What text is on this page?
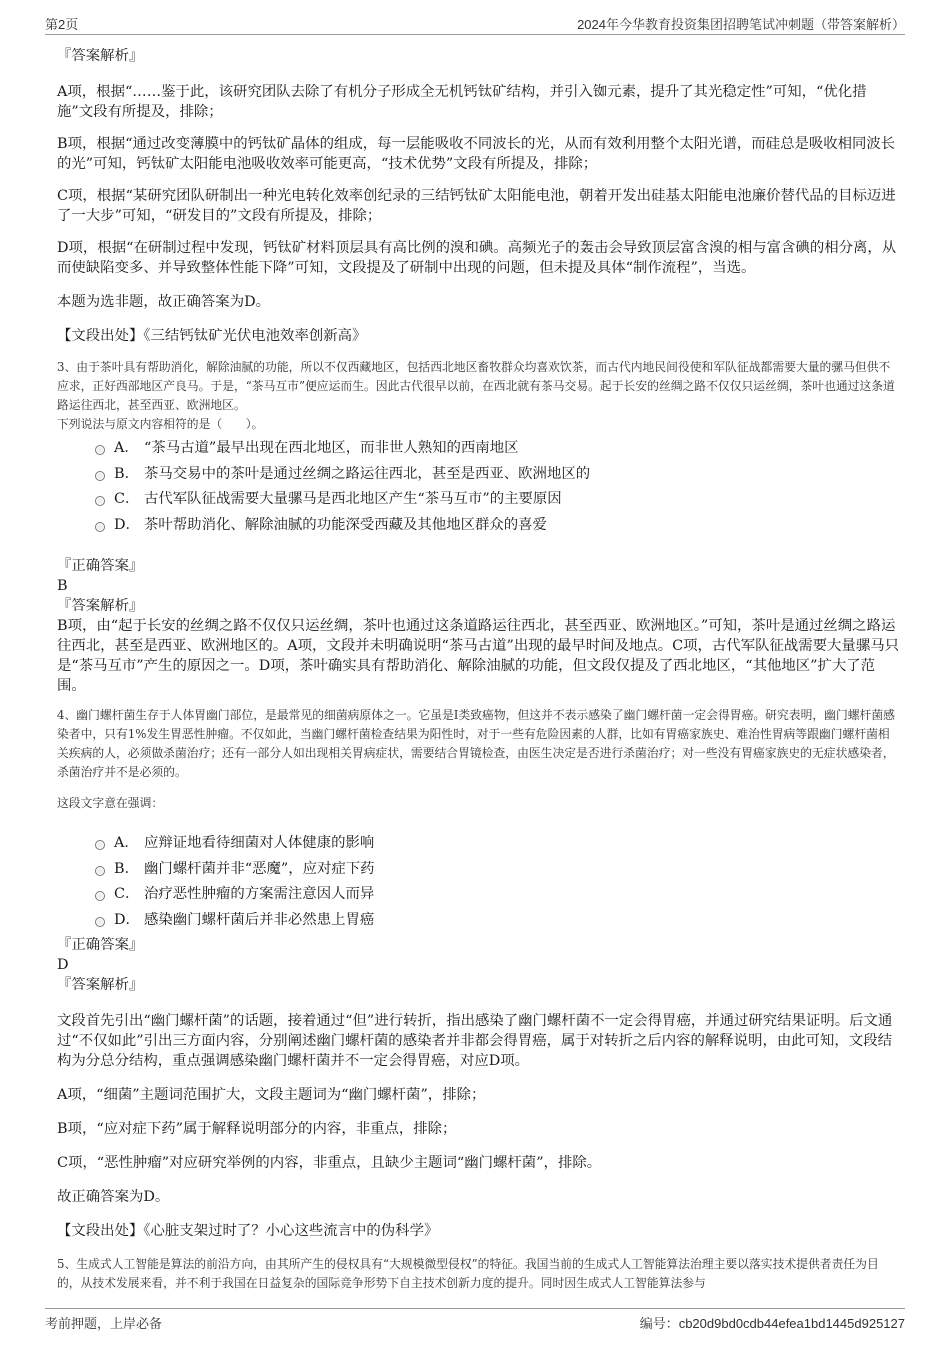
第2页	2024年今华教育投资集团招聘笔试冲刺题（带答案解析）

『答案解析』

A项，根据“……鉴于此，该研究团队去除了有机分子形成全无机钙钛矿结构，并引入铷元素，提升了其光稳定性”可知，“优化措施”文段有所提及，排除；

B项，根据“通过改变薄膜中的钙钛矿晶体的组成，每一层能吸收不同波长的光，从而有效利用整个太阳光谱，而硅总是吸收相同波长的光”可知，钙钛矿太阳能电池吸收效率可能更高，“技术优势”文段有所提及，排除；

C项，根据“某研究团队研制出一种光电转化效率创纪录的三结钙钛矿太阳能电池，朝着开发出硅基太阳能电池廉价替代品的目标迈进了一大步”可知，“研发目的”文段有所提及，排除；

D项，根据“在研制过程中发现，钙钛矿材料顶层具有高比例的溴和碘。高频光子的轰击会导致顶层富含溴的相与富含碘的相分离，从而使缺陷变多、并导致整体性能下降”可知，文段提及了研制中出现的问题，但未提及具体“制作流程”，当选。

本题为选非题，故正确答案为D。

【文段出处】《三结钙钛矿光伏电池效率创新高》

3、由于茶叶具有帮助消化，解除油腻的功能，所以不仅西藏地区，包括西北地区畜牧群众均喜欢饮茶，而古代内地民间役使和军队征战都需要大量的骡马但供不应求，正好西部地区产良马。于是，“茶马互市”便应运而生。因此古代很早以前，在西北就有茶马交易。起于长安的丝绸之路不仅仅只运丝绸，茶叶也通过这条道路运往西北，甚至西亚、欧洲地区。

下列说法与原文内容相符的是（　　）。

A． “茶马古道”最早出现在西北地区，而非世人熟知的西南地区
B． 茶马交易中的茶叶是通过丝绸之路运往西北，甚至是西亚、欧洲地区的
C． 古代军队征战需要大量骡马是西北地区产生“茶马互市”的主要原因
D． 茶叶帮助消化、解除油腻的功能深受西藏及其他地区群众的喜爱

『正确答案』

B

『答案解析』

B项，由“起于长安的丝绸之路不仅仅只运丝绸，茶叶也通过这条道路运往西北，甚至西亚、欧洲地区。”可知，茶叶是通过丝绸之路运往西北，甚至是西亚、欧洲地区的。A项，文段并未明确说明“茶马古道”出现的最早时间及地点。C项，古代军队征战需要大量骡马只是“茶马互市”产生的原因之一。D项，茶叶确实具有帮助消化、解除油腻的功能，但文段仅提及了西北地区，“其他地区”扩大了范围。

4、幽门螺杆菌生存于人体胃幽门部位，是最常见的细菌病原体之一。它虽是I类致癌物，但这并不表示感染了幽门螺杆菌一定会得胃癌。研究表明，幽门螺杆菌感染者中，只有1%发生胃恶性肿瘤。不仅如此，当幽门螺杆菌检查结果为阳性时，对于一些有危险因素的人群，比如有胃癌家族史、难治性胃病等跟幽门螺杆菌相关疾病的人，必须做杀菌治疗；还有一部分人如出现相关胃病症状，需要结合胃镜检查，由医生决定是否进行杀菌治疗；对一些没有胃癌家族史的无症状感染者，杀菌治疗并不是必须的。

这段文字意在强调：

A． 应辩证地看待细菌对人体健康的影响
B． 幽门螺杆菌并非“恶魔”，应对症下药
C． 治疗恶性肿瘤的方案需注意因人而异
D． 感染幽门螺杆菌后并非必然患上胃癌

『正确答案』

D

『答案解析』

文段首先引出“幽门螺杆菌”的话题，接着通过“但”进行转折，指出感染了幽门螺杆菌不一定会得胃癌，并通过研究结果证明。后文通过“不仅如此”引出三方面内容，分别阐述幽门螺杆菌的感染者并非都会得胃癌，属于对转折之后内容的解释说明，由此可知，文段结构为分总分结构，重点强调感染幽门螺杆菌并不一定会得胃癌，对应D项。

A项，“细菌”主题词范围扩大，文段主题词为“幽门螺杆菌”，排除；

B项，“应对症下药”属于解释说明部分的内容，非重点，排除；

C项，“恶性肿瘤”对应研究举例的内容，非重点，且缺少主题词“幽门螺杆菌”，排除。

故正确答案为D。

【文段出处】《心脏支架过时了？小心这些流言中的伪科学》

5、生成式人工智能是算法的前沿方向，由其所产生的侵权具有“大规模微型侵权”的特征。我国当前的生成式人工智能算法治理主要以落实技术提供者责任为目的，从技术发展来看，并不利于我国在日益复杂的国际竞争形势下自主技术创新力度的提升。同时因生成式人工智能算法参与

考前押题，上岸必备	编号：cb20d9bd0cdb44efea1bd1445d925127
